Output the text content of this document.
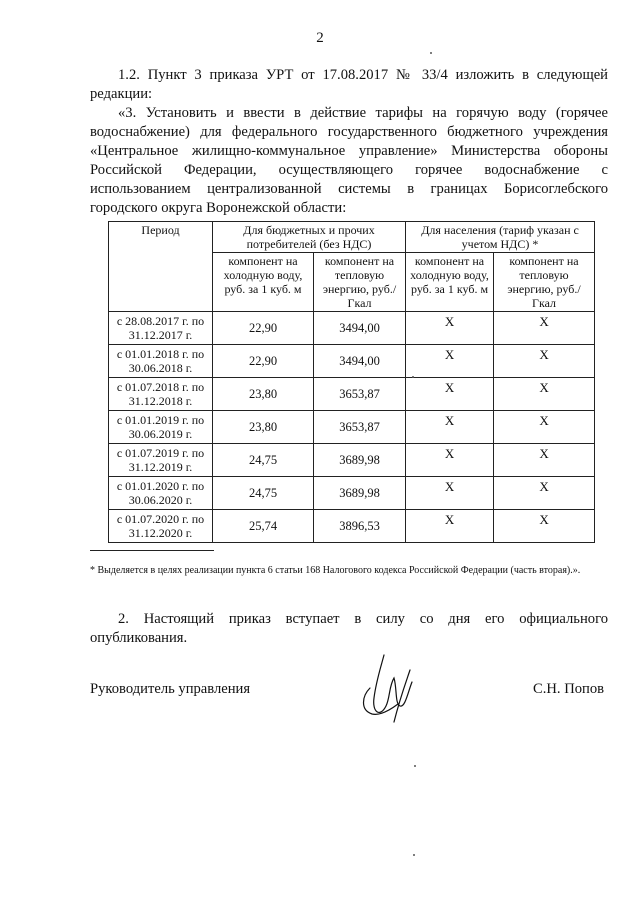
2

1.2. Пункт 3 приказа УРТ от 17.08.2017 № 33/4 изложить в следующей редакции:

«3. Установить и ввести в действие тарифы на горячую воду (горячее водоснабжение) для федерального государственного бюджетного учреждения «Центральное жилищно-коммунальное управление» Министерства обороны Российской Федерации, осуществляющего горячее водоснабжение с использованием централизованной системы в границах Борисоглебского городского округа Воронежской области:

Период	Для бюджетных и прочих потребителей (без НДС)		Для населения (тариф указан с учетом НДС) *	
	компонент на холодную воду, руб. за 1 куб. м	компонент на тепловую энергию, руб./Гкал	компонент на холодную воду, руб. за 1 куб. м	компонент на тепловую энергию, руб./Гкал
с 28.08.2017 г. по 31.12.2017 г.	22,90	3494,00	X	X
с 01.01.2018 г. по 30.06.2018 г.	22,90	3494,00	X	X
с 01.07.2018 г. по 31.12.2018 г.	23,80	3653,87	X	X
с 01.01.2019 г. по 30.06.2019 г.	23,80	3653,87	X	X
с 01.07.2019 г. по 31.12.2019 г.	24,75	3689,98	X	X
с 01.01.2020 г. по 30.06.2020 г.	24,75	3689,98	X	X
с 01.07.2020 г. по 31.12.2020 г.	25,74	3896,53	X	X

* Выделяется в целях реализации пункта 6 статьи 168 Налогового кодекса Российской Федерации (часть вторая).».

2. Настоящий приказ вступает в силу со дня его официального опубликования.

Руководитель управления	С.Н. Попов
